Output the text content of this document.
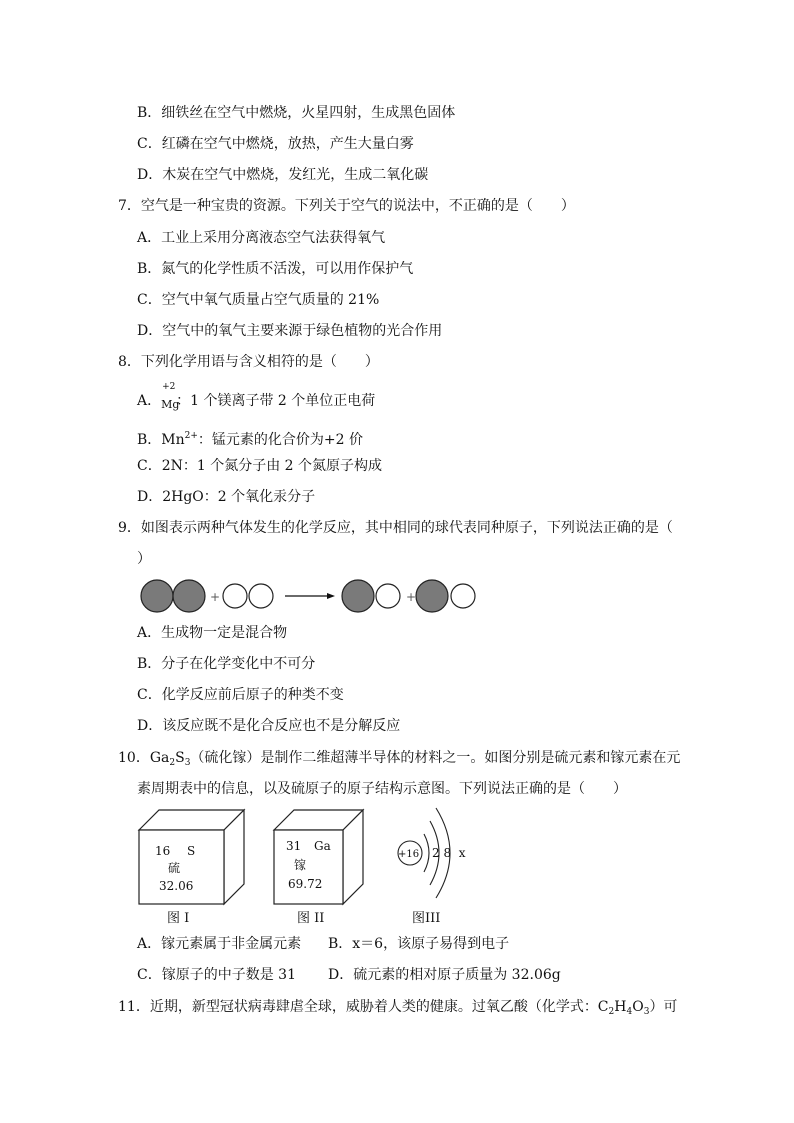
B．细铁丝在空气中燃烧，火星四射，生成黑色固体
C．红磷在空气中燃烧，放热，产生大量白雾
D．木炭在空气中燃烧，发红光，生成二氧化碳
7．空气是一种宝贵的资源。下列关于空气的说法中，不正确的是（　　）
A．工业上采用分离液态空气法获得氧气
B．氮气的化学性质不活泼，可以用作保护气
C．空气中氧气质量占空气质量的 21%
D．空气中的氧气主要来源于绿色植物的光合作用
8．下列化学用语与含义相符的是（　　）
A．
+2
$_{Mg}$：1 个镁离子带 2 个单位正电荷
B．$Mn^{2+}$：锰元素的化合价为+2 价
C．2N：1 个氮分子由 2 个氮原子构成
D．2HgO：2 个氧化汞分子
9．如图表示两种气体发生的化学反应，其中相同的球代表同种原子，下列说法正确的是（
）
+	+
A．生成物一定是混合物
B．分子在化学变化中不可分
C．化学反应前后原子的种类不变
D．该反应既不是化合反应也不是分解反应
10．$Ga_2S_3$（硫化镓）是制作二维超薄半导体的材料之一。如图分别是硫元素和镓元素在元
素周期表中的信息，以及硫原子的原子结构示意图。下列说法正确的是（　　）
16 S
硫
32.06
图 I
31 Ga
镓
69.72
图 II
+16 2 8  x
图III
A．镓元素属于非金属元素 B．x＝6，该原子易得到电子
C．镓原子的中子数是 31 D．硫元素的相对原子质量为 32.06g
11．近期，新型冠状病毒肆虐全球，威胁着人类的健康。过氧乙酸（化学式：$C_2H_4O_3$）可
